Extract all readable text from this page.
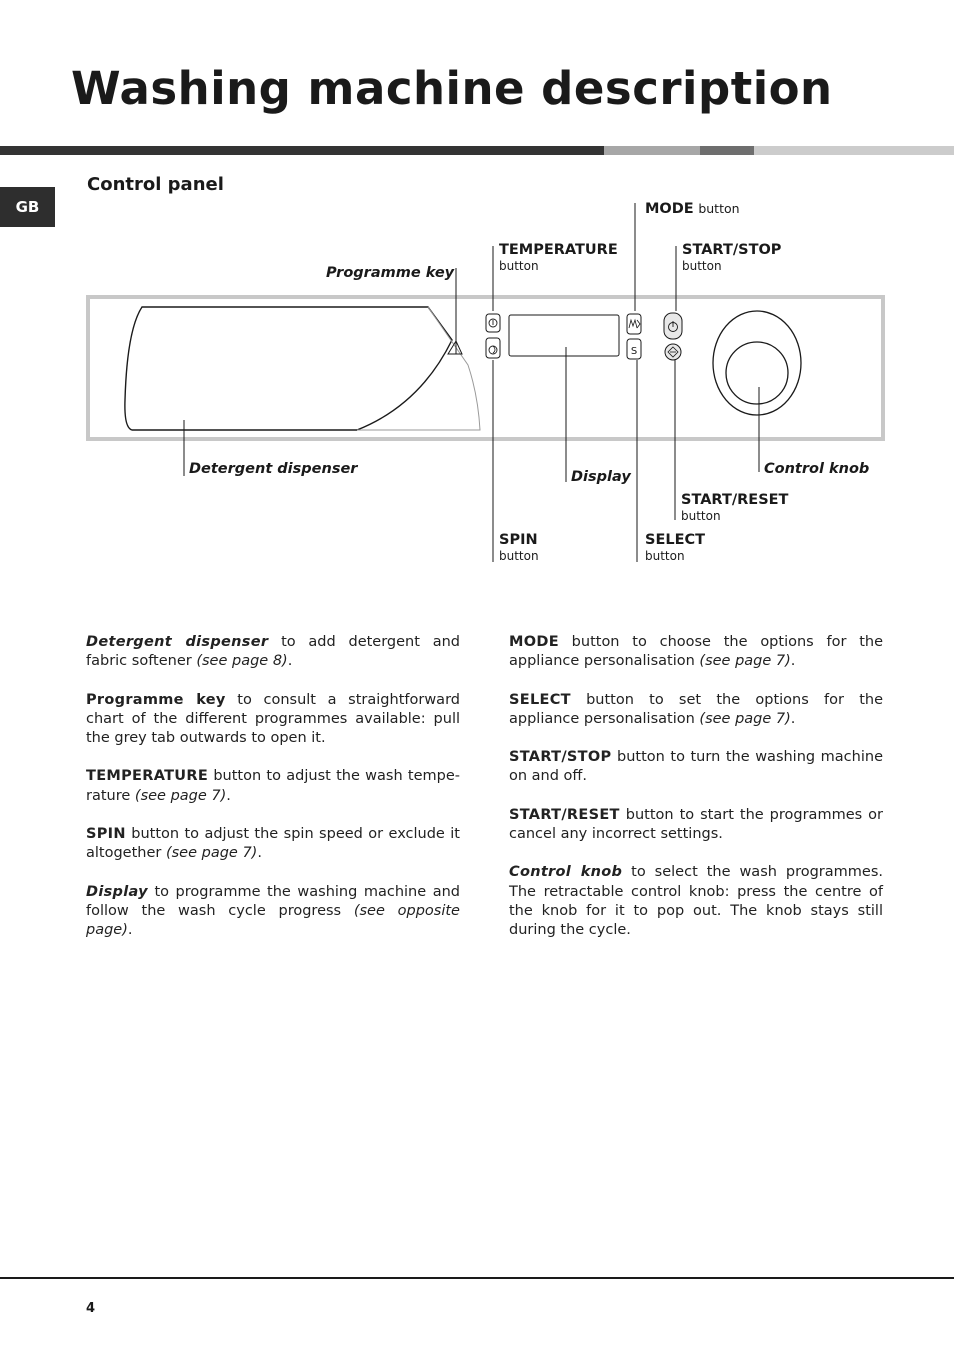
Washing machine description
GB
Control panel
S
MODE button
TEMPERATURE
button
START/STOP
button
Programme key
Detergent dispenser	Display	Control knob
START/RESET
button
SPIN
button
SELECT
button

Detergent dispenser to add detergent and fabric softener (see page 8).

Programme key to consult a straightforward chart of the different programmes available: pull the grey tab outwards to open it.

TEMPERATURE button to adjust the wash tempe-rature (see page 7).

SPIN button to adjust the spin speed or exclude it altogether (see page 7).

Display to programme the washing machine and follow the wash cycle progress (see opposite page).

MODE button to choose the options for the appliance personalisation (see page 7).

SELECT button to set the options for the appliance personalisation (see page 7).

START/STOP button to turn the washing machine on and off.

START/RESET button to start the programmes or cancel any incorrect settings.

Control knob to select the wash programmes. The retractable control knob: press the centre of the knob for it to pop out. The knob stays still during the cycle.

4
